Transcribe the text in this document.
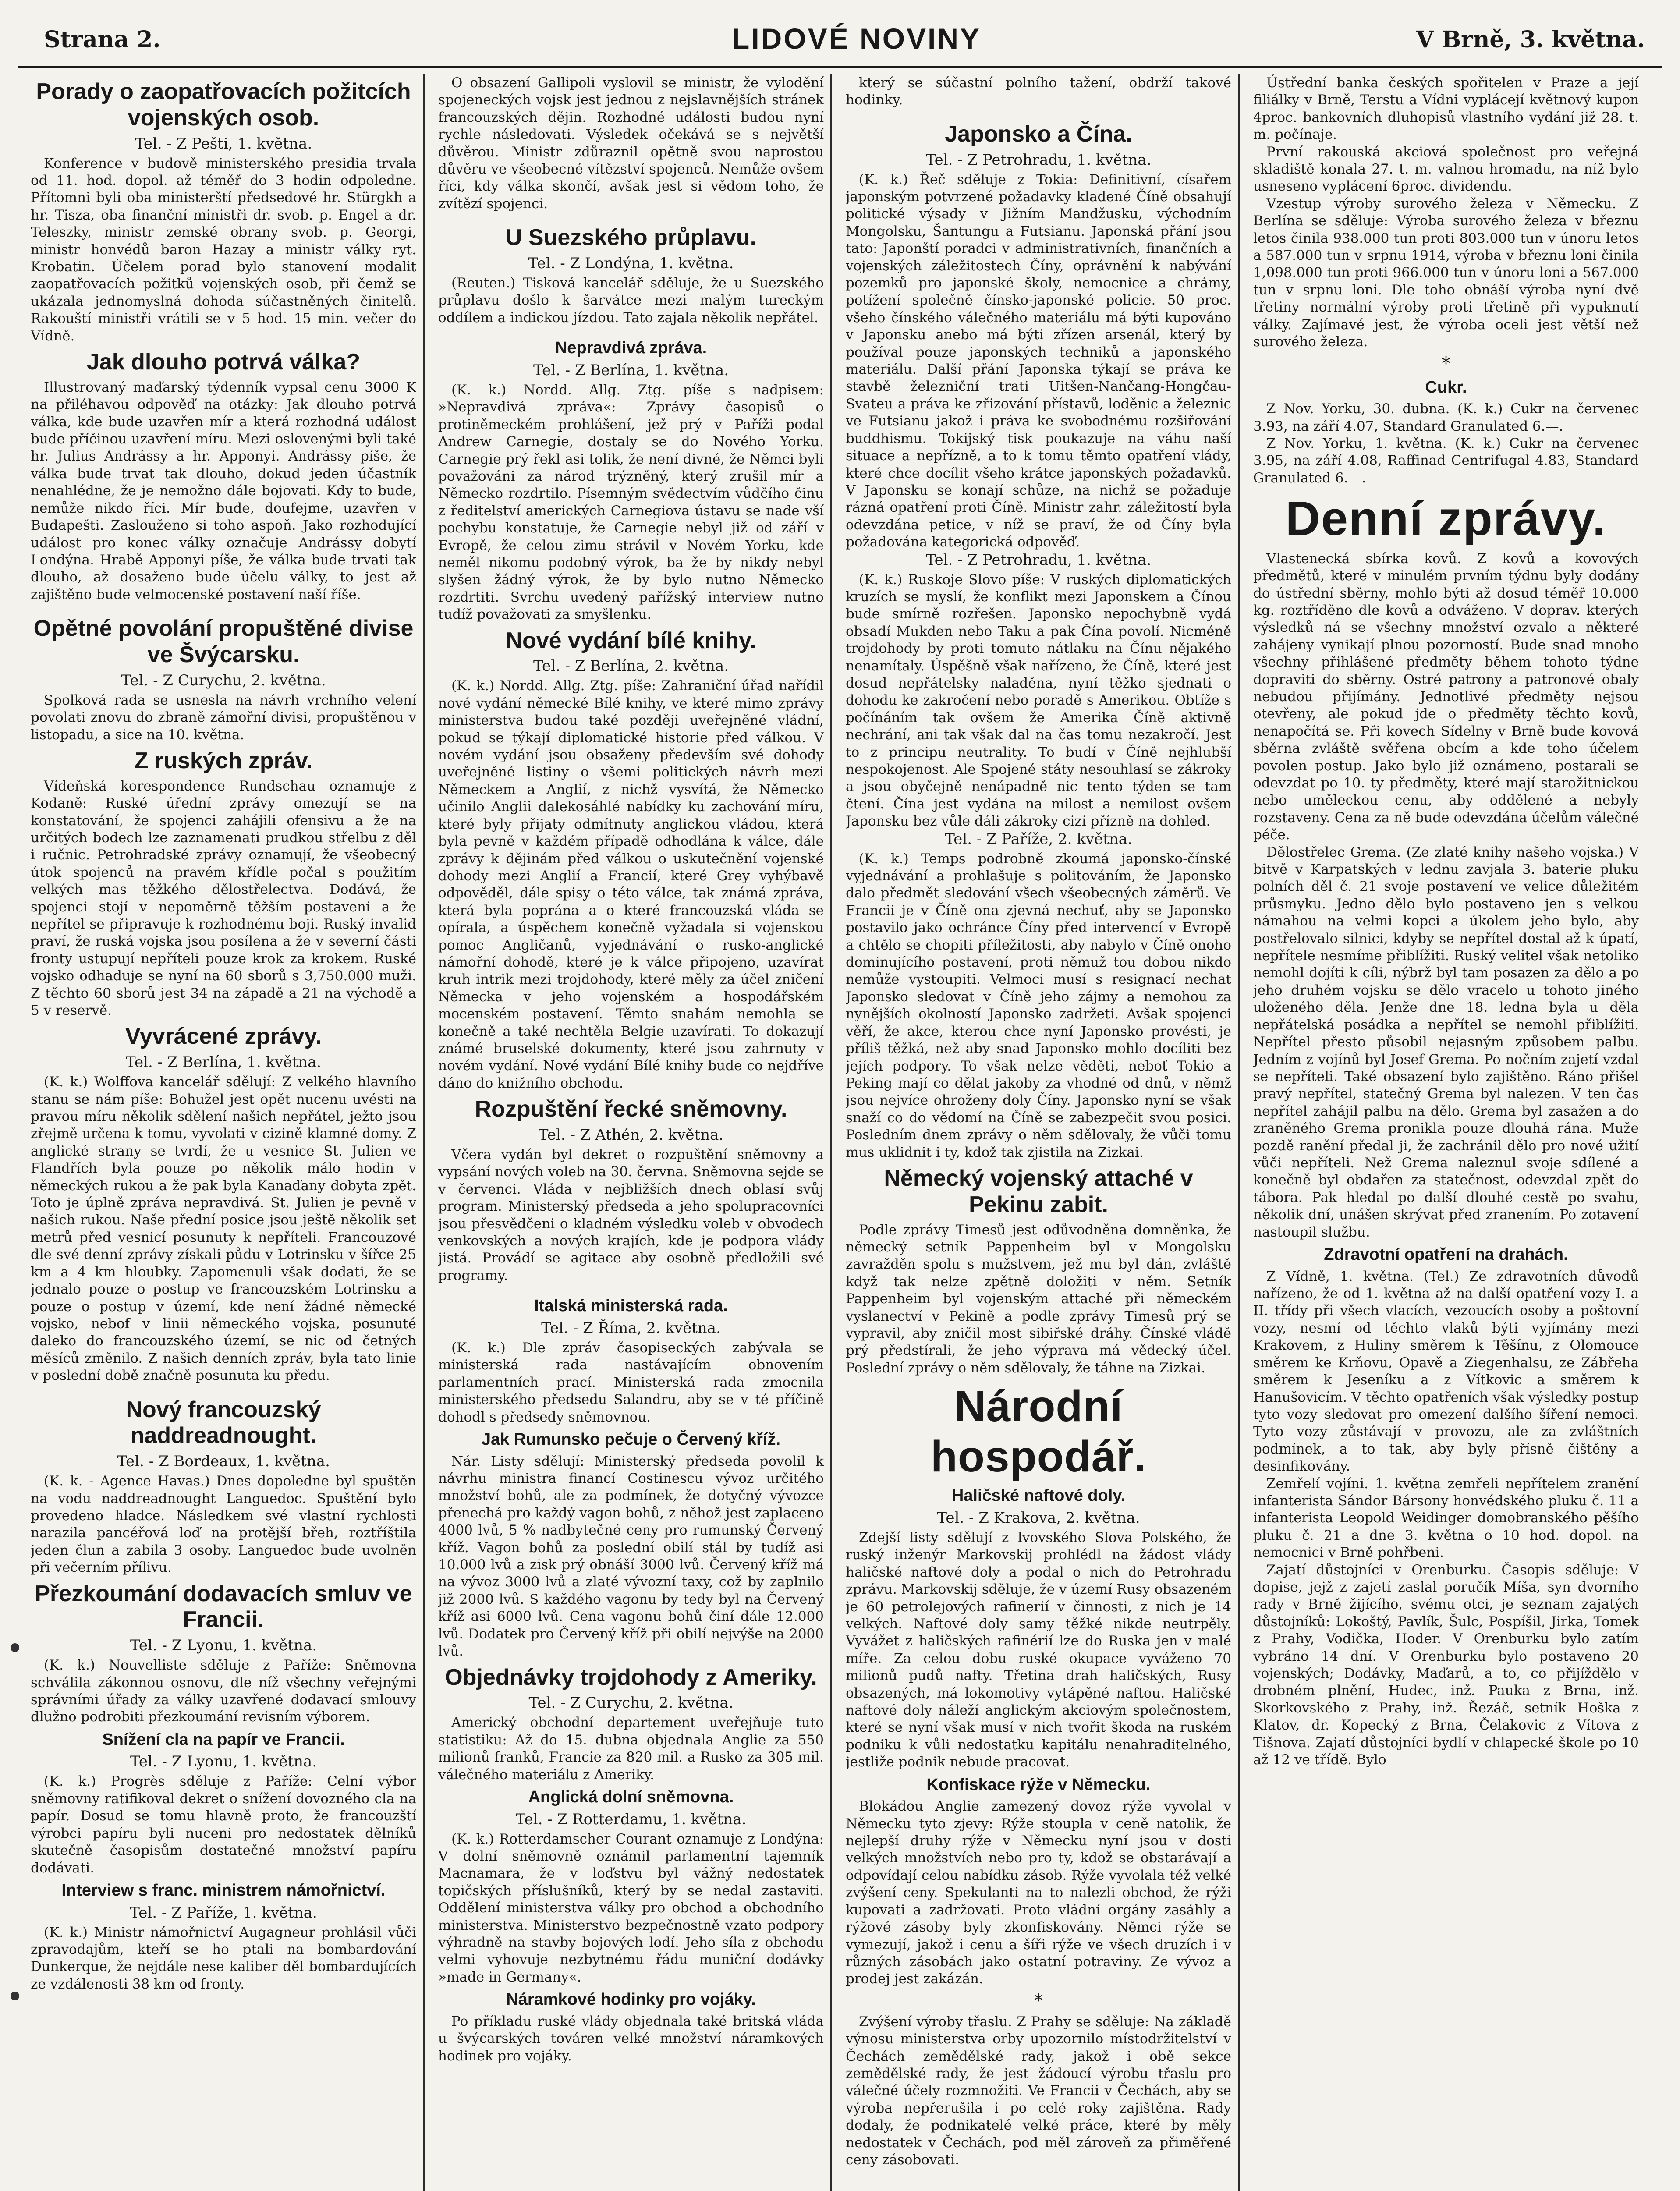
Strana 2.	LIDOVÉ NOVINY	V Brně, 3. května.
Porady o zaopatřovacích požitcích vojenských osob.
Tel. - Z Pešti, 1. května.

Konference v budově ministerského presidia trvala od 11. hod. dopol. až téměř do 3 hodin odpoledne. Přítomni byli oba ministerští předsedové hr. Stürgkh a hr. Tisza, oba finanční ministři dr. svob. p. Engel a dr. Teleszky, ministr zemské obrany svob. p. Georgi, ministr honvédů baron Hazay a ministr války ryt. Krobatin. Účelem porad bylo stanovení modalit zaopatřovacích požitků vojenských osob, při čemž se ukázala jednomyslná dohoda súčastněných činitelů. Rakouští ministři vrátili se v 5 hod. 15 min. večer do Vídně.

Jak dlouho potrvá válka?

Illustrovaný maďarský týdenník vypsal cenu 3000 K na přiléhavou odpověď na otázky: Jak dlouho potrvá válka, kde bude uzavřen mír a která rozhodná událost bude příčinou uzavření míru. Mezi oslovenými byli také hr. Julius Andrássy a hr. Apponyi. Andrássy píše, že válka bude trvat tak dlouho, dokud jeden účastník nenahlédne, že je nemožno dále bojovati. Kdy to bude, nemůže nikdo říci. Mír bude, doufejme, uzavřen v Budapešti. Zaslouženo si toho aspoň. Jako rozhodující událost pro konec války označuje Andrássy dobytí Londýna. Hrabě Apponyi píše, že válka bude trvati tak dlouho, až dosaženo bude účelu války, to jest až zajištěno bude velmocenské postavení naší říše.

Opětné povolání propuštěné divise ve Švýcarsku.
Tel. - Z Curychu, 2. května.

Spolková rada se usnesla na návrh vrchního velení povolati znovu do zbraně zámořní divisi, propuštěnou v listopadu, a sice na 10. května.

Z ruských zpráv.

Vídeňská korespondence Rundschau oznamuje z Kodaně: Ruské úřední zprávy omezují se na konstatování, že spojenci zahájili ofensivu a že na určitých bodech lze zaznamenati prudkou střelbu z děl i ručnic. Petrohradské zprávy oznamují, že všeobecný útok spojenců na pravém křídle počal s použitím velkých mas těžkého dělostřelectva. Dodává, že spojenci stojí v nepoměrně těžším postavení a že nepřítel se připravuje k rozhodnému boji. Ruský invalid praví, že ruská vojska jsou posílena a že v severní části fronty ustupují nepříteli pouze krok za krokem. Ruské vojsko odhaduje se nyní na 60 sborů s 3,750.000 muži. Z těchto 60 sborů jest 34 na západě a 21 na východě a 5 v reservě.

Vyvrácené zprávy.
Tel. - Z Berlína, 1. května.

(K. k.) Wolffova kancelář sdělují: Z velkého hlavního stanu se nám píše: Bohužel jest opět nucenu uvésti na pravou míru několik sdělení našich nepřátel, ježto jsou zřejmě určena k tomu, vyvolati v cizině klamné domy. Z anglické strany se tvrdí, že u vesnice St. Julien ve Flandřích byla pouze po několik málo hodin v německých rukou a že pak byla Kanaďany dobyta zpět. Toto je úplně zpráva nepravdivá. St. Julien je pevně v našich rukou. Naše přední posice jsou ještě několik set metrů před vesnicí posunuty k nepříteli. Francouzové dle své denní zprávy získali půdu v Lotrinsku v šířce 25 km a 4 km hloubky. Zapomenuli však dodati, že se jednalo pouze o postup ve francouzském Lotrinsku a pouze o postup v území, kde není žádné německé vojsko, nebof v linii německého vojska, posunuté daleko do francouzského území, se nic od četných měsíců změnilo. Z našich denních zpráv, byla tato linie v poslední době značně posunuta ku předu.

Nový francouzský naddreadnought.
Tel. - Z Bordeaux, 1. května.

(K. k. - Agence Havas.) Dnes dopoledne byl spuštěn na vodu naddreadnought Languedoc. Spuštění bylo provedeno hladce. Následkem své vlastní rychlosti narazila pancéřová loď na protější břeh, roztříštila jeden člun a zabila 3 osoby. Languedoc bude uvolněn při večerním přílivu.

Přezkoumání dodavacích smluv ve Francii.
Tel. - Z Lyonu, 1. května.

(K. k.) Nouvelliste sděluje z Paříže: Sněmovna schválila zákonnou osnovu, dle níž všechny veřejnými správními úřady za války uzavřené dodavací smlouvy dlužno podrobiti přezkoumání revisním výborem.

Snížení cla na papír ve Francii.
Tel. - Z Lyonu, 1. května.

(K. k.) Progrès sděluje z Paříže: Celní výbor sněmovny ratifikoval dekret o snížení dovozného cla na papír. Dosud se tomu hlavně proto, že francouzští výrobci papíru byli nuceni pro nedostatek dělníků skutečně časopisům dostatečné množství papíru dodávati.

Interview s franc. ministrem námořnictví.
Tel. - Z Paříže, 1. května.

(K. k.) Ministr námořnictví Augagneur prohlásil vůči zpravodajům, kteří se ho ptali na bombardování Dunkerque, že nejdále nese kaliber děl bombardujících ze vzdálenosti 38 km od fronty.

O obsazení Gallipoli vyslovil se ministr, že vylodění spojeneckých vojsk jest jednou z nejslavnějších stránek francouzských dějin. Rozhodné události budou nyní rychle následovati. Výsledek očekává se s největší důvěrou. Ministr zdůraznil opětně svou naprostou důvěru ve všeobecné vítězství spojenců. Nemůže ovšem říci, kdy válka skončí, avšak jest si vědom toho, že zvítězí spojenci.

U Suezského průplavu.
Tel. - Z Londýna, 1. května.

(Reuten.) Tisková kancelář sděluje, že u Suezského průplavu došlo k šarvátce mezi malým tureckým oddílem a indickou jízdou. Tato zajala několik nepřátel.

Nepravdivá zpráva.
Tel. - Z Berlína, 1. května.

(K. k.) Nordd. Allg. Ztg. píše s nadpisem: »Nepravdivá zpráva«: Zprávy časopisů o protiněmeckém prohlášení, jež prý v Paříži podal Andrew Carnegie, dostaly se do Nového Yorku. Carnegie prý řekl asi tolik, že není divné, že Němci byli považováni za národ trýzněný, který zrušil mír a Německo rozdrtilo. Písemným svědectvím vůdčího činu z ředitelství amerických Carnegiova ústavu se nade vší pochybu konstatuje, že Carnegie nebyl již od září v Evropě, že celou zimu strávil v Novém Yorku, kde neměl nikomu podobný výrok, ba že by nikdy nebyl slyšen žádný výrok, že by bylo nutno Německo rozdrtiti. Svrchu uvedený pařížský interview nutno tudíž považovati za smyšlenku.

Nové vydání bílé knihy.
Tel. - Z Berlína, 2. května.

(K. k.) Nordd. Allg. Ztg. píše: Zahraniční úřad nařídil nové vydání německé Bílé knihy, ve které mimo zprávy ministerstva budou také později uveřejněné vládní, pokud se týkají diplomatické historie před válkou. V novém vydání jsou obsaženy především své dohody uveřejněné listiny o všemi politických návrh mezi Německem a Anglií, z nichž vysvítá, že Německo učinilo Anglii dalekosáhlé nabídky ku zachování míru, které byly přijaty odmítnuty anglickou vládou, která byla pevně v každém případě odhodlána k válce, dále zprávy k dějinám před válkou o uskutečnění vojenské dohody mezi Anglií a Francií, které Grey vyhýbavě odpověděl, dále spisy o této válce, tak známá zpráva, která byla poprána a o které francouzská vláda se opírala, a úspěchem konečně vyžadala si vojenskou pomoc Angličanů, vyjednávání o rusko-anglické námořní dohodě, které je k válce připojeno, uzavírat kruh intrik mezi trojdohody, které měly za účel zničení Německa v jeho vojenském a hospodářském mocenském postavení. Těmto snahám nemohla se konečně a také nechtěla Belgie uzavírati. To dokazují známé bruselské dokumenty, které jsou zahrnuty v novém vydání. Nové vydání Bílé knihy bude co nejdříve dáno do knižního obchodu.

Rozpuštění řecké sněmovny.
Tel. - Z Athén, 2. května.

Včera vydán byl dekret o rozpuštění sněmovny a vypsání nových voleb na 30. června. Sněmovna sejde se v červenci. Vláda v nejbližších dnech oblasí svůj program. Ministerský předseda a jeho spolupracovníci jsou přesvědčeni o kladném výsledku voleb v obvodech venkovských a nových krajích, kde je podpora vlády jistá. Provádí se agitace aby osobně předložili své programy.

Italská ministerská rada.
Tel. - Z Říma, 2. května.

(K. k.) Dle zpráv časopiseckých zabývala se ministerská rada nastávajícím obnovením parlamentních prací. Ministerská rada zmocnila ministerského předsedu Salandru, aby se v té příčině dohodl s předsedy sněmovnou.

Jak Rumunsko pečuje o Červený kříž.

Nár. Listy sdělují: Ministerský předseda povolil k návrhu ministra financí Costinescu vývoz určitého množství bohů, ale za podmínek, že dotyčný vývozce přenechá pro každý vagon bohů, z něhož jest zaplaceno 4000 lvů, 5 % nadbytečné ceny pro rumunský Červený kříž. Vagon bohů za poslední obilí stál by tudíž asi 10.000 lvů a zisk prý obnáší 3000 lvů. Červený kříž má na vývoz 3000 lvů a zlaté vývozní taxy, což by zaplnilo již 2000 lvů. S každého vagonu by tedy byl na Červený kříž asi 6000 lvů. Cena vagonu bohů činí dále 12.000 lvů. Dodatek pro Červený kříž při obilí nejvýše na 2000 lvů.

Objednávky trojdohody z Ameriky.
Tel. - Z Curychu, 2. května.

Americký obchodní departement uveřejňuje tuto statistiku: Až do 15. dubna objednala Anglie za 550 milionů franků, Francie za 820 mil. a Rusko za 305 mil. válečného materiálu z Ameriky.

Anglická dolní sněmovna.
Tel. - Z Rotterdamu, 1. května.

(K. k.) Rotterdamscher Courant oznamuje z Londýna: V dolní sněmovně oznámil parlamentní tajemník Macnamara, že v loďstvu byl vážný nedostatek topičských příslušníků, který by se nedal zastaviti. Oddělení ministerstva války pro obchod a obchodního ministerstva. Ministerstvo bezpečnostně vzato podpory výhradně na stavby bojových lodí. Jeho síla z obchodu velmi vyhovuje nezbytnému řádu muniční dodávky »made in Germany«.

Náramkové hodinky pro vojáky.

Po příkladu ruské vlády objednala také britská vláda u švýcarských továren velké množství náramkových hodinek pro vojáky.

který se súčastní polního tažení, obdrží takové hodinky.

Japonsko a Čína.
Tel. - Z Petrohradu, 1. května.

(K. k.) Řeč sděluje z Tokia: Definitivní, císařem japonským potvrzené požadavky kladené Číně obsahují politické výsady v Jižním Mandžusku, východním Mongolsku, Šantungu a Futsianu. Japonská přání jsou tato: Japonští poradci v administrativních, finančních a vojenských záležitostech Číny, oprávnění k nabývání pozemků pro japonské školy, nemocnice a chrámy, potížení společně čínsko-japonské policie. 50 proc. všeho čínského válečného materiálu má býti kupováno v Japonsku anebo má býti zřízen arsenál, který by používal pouze japonských techniků a japonského materiálu. Další přání Japonska týkají se práva ke stavbě železniční trati Uitšen-Nančang-Hongčau-Svateu a práva ke zřizování přístavů, loděnic a železnic ve Futsianu jakož i práva ke svobodnému rozšiřování buddhismu. Tokijský tisk poukazuje na váhu naší situace a nepřízně, a to k tomu těmto opatření vlády, které chce docílit všeho krátce japonských požadavků. V Japonsku se konají schůze, na nichž se požaduje rázná opatření proti Číně. Ministr zahr. záležitostí byla odevzdána petice, v níž se praví, že od Číny byla požadována kategorická odpověď.

Tel. - Z Petrohradu, 1. května.

(K. k.) Ruskoje Slovo píše: V ruských diplomatických kruzích se myslí, že konflikt mezi Japonskem a Čínou bude smírně rozřešen. Japonsko nepochybně vydá obsadí Mukden nebo Taku a pak Čína povolí. Nicméně trojdohody by proti tomuto nátlaku na Čínu nějakého nenamítaly. Úspěšně však nařízeno, že Číně, které jest dosud nepřátelsky naladěna, nyní těžko sjednati o dohodu ke zakročení nebo poradě s Amerikou. Obtíže s počínáním tak ovšem že Amerika Číně aktivně nechrání, ani tak však dal na čas tomu nezakročí. Jest to z principu neutrality. To budí v Číně nejhlubší nespokojenost. Ale Spojené státy nesouhlasí se zákroky a jsou obyčejně nenápadně nic tento týden se tam čtení. Čína jest vydána na milost a nemilost ovšem Japonsku bez vůle dáli zákroky cizí přízně na dohled.

Tel. - Z Paříže, 2. května.

(K. k.) Temps podrobně zkoumá japonsko-čínské vyjednávání a prohlašuje s politováním, že Japonsko dalo předmět sledování všech všeobecných záměrů. Ve Francii je v Číně ona zjevná nechuť, aby se Japonsko postavilo jako ochránce Číny před intervencí v Evropě a chtělo se chopiti příležitosti, aby nabylo v Číně onoho dominujícího postavení, proti němuž tou dobou nikdo nemůže vystoupiti. Velmoci musí s resignací nechat Japonsko sledovat v Číně jeho zájmy a nemohou za nynějších okolností Japonsko zadržeti. Avšak spojenci věří, že akce, kterou chce nyní Japonsko provésti, je příliš těžká, než aby snad Japonsko mohlo docíliti bez jejích podpory. To však nelze věděti, neboť Tokio a Peking mají co dělat jakoby za vhodné od dnů, v němž jsou nejvíce ohroženy doly Číny. Japonsko nyní se však snaží co do vědomí na Číně se zabezpečit svou posici. Posledním dnem zprávy o něm sdělovaly, že vůči tomu mus uklidnit i ty, kdož tak zjistila na Zizkai.

Německý vojenský attaché v Pekinu zabit.

Podle zprávy Timesů jest odůvodněna domněnka, že německý setník Pappenheim byl v Mongolsku zavražděn spolu s mužstvem, jež mu byl dán, zvláště když tak nelze zpětně doložiti v něm. Setník Pappenheim byl vojenským attaché při německém vyslanectví v Pekině a podle zprávy Timesů prý se vypravil, aby zničil most sibiřské dráhy. Čínské vládě prý předstírali, že jeho výprava má vědecký účel. Poslední zprávy o něm sdělovaly, že táhne na Zizkai.

Národní hospodář.
Haličské naftové doly.
Tel. - Z Krakova, 2. května.

Zdejší listy sdělují z lvovského Slova Polského, že ruský inženýr Markovskij prohlédl na žádost vlády haličské naftové doly a podal o nich do Petrohradu zprávu. Markovskij sděluje, že v území Rusy obsazeném je 60 petrolejových rafinerií v činnosti, z nich je 14 velkých. Naftové doly samy těžké nikde neutrpěly. Vyvážet z haličských rafinérií lze do Ruska jen v malé míře. Za celou dobu ruské okupace vyváženo 70 milionů pudů nafty. Třetina drah haličských, Rusy obsazených, má lokomotivy vytápěné naftou. Haličské naftové doly náleží anglickým akciovým společnostem, které se nyní však musí v nich tvořit škoda na ruském podniku k vůli nedostatku kapitálu nenahraditelného, jestliže podnik nebude pracovat.

Konfiskace rýže v Německu.

Blokádou Anglie zamezený dovoz rýže vyvolal v Německu tyto zjevy: Rýže stoupla v ceně natolik, že nejlepší druhy rýže v Německu nyní jsou v dosti velkých množstvích nebo pro ty, kdož se obstarávají a odpovídají celou nabídku zásob. Rýže vyvolala též velké zvýšení ceny. Spekulanti na to nalezli obchod, že rýži kupovati a zadržovati. Proto vládní orgány zasáhly a rýžové zásoby byly zkonfiskovány. Němci rýže se vymezují, jakož i cenu a šíři rýže ve všech druzích i v různých zásobách jako ostatní potraviny. Ze vývoz a prodej jest zakázán.

*

Zvýšení výroby třaslu. Z Prahy se sděluje: Na základě výnosu ministerstva orby upozornilo místodržitelství v Čechách zemědělské rady, jakož i obě sekce zemědělské rady, že jest žádoucí výrobu třaslu pro válečné účely rozmnožiti. Ve Francii v Čechách, aby se výroba nepřerušila i po celé roky zajištěna. Rady dodaly, že podnikatelé velké práce, které by měly nedostatek v Čechách, pod měl zároveň za přiměřené ceny zásobovati.

Ústřední banka českých spořitelen v Praze a její filiálky v Brně, Terstu a Vídni vyplácejí květnový kupon 4proc. bankovních dluhopisů vlastního vydání již 28. t. m. počínaje.

První rakouská akciová společnost pro veřejná skladiště konala 27. t. m. valnou hromadu, na níž bylo usneseno vyplácení 6proc. dividendu.

Vzestup výroby surového železa v Německu. Z Berlína se sděluje: Výroba surového železa v březnu letos činila 938.000 tun proti 803.000 tun v únoru letos a 587.000 tun v srpnu 1914, výroba v březnu loni činila 1,098.000 tun proti 966.000 tun v únoru loni a 567.000 tun v srpnu loni. Dle toho obnáší výroba nyní dvě třetiny normální výroby proti třetině při vypuknutí války. Zajímavé jest, že výroba oceli jest větší než surového železa.

*
Cukr.

Z Nov. Yorku, 30. dubna. (K. k.) Cukr na červenec 3.93, na září 4.07, Standard Granulated 6.—.

Z Nov. Yorku, 1. května. (K. k.) Cukr na červenec 3.95, na září 4.08, Raffinad Centrifugal 4.83, Standard Granulated 6.—.

Denní zprávy.

Vlastenecká sbírka kovů. Z kovů a kovových předmětů, které v minulém prvním týdnu byly dodány do ústřední sběrny, mohlo býti až dosud téměř 10.000 kg. roztříděno dle kovů a odváženo. V doprav. kterých výsledků ná se všechny množství ozvalo a některé zahájeny vynikají plnou pozorností. Bude snad mnoho všechny přihlášené předměty během tohoto týdne dopraviti do sběrny. Ostré patrony a patronové obaly nebudou přijímány. Jednotlivé předměty nejsou otevřeny, ale pokud jde o předměty těchto kovů, nenapočítá se. Při kovech Sídelny v Brně bude kovová sběrna zvláště svěřena obcím a kde toho účelem povolen postup. Jako bylo již oznámeno, postarali se odevzdat po 10. ty předměty, které mají starožitnickou nebo uměleckou cenu, aby oddělené a nebyly rozstaveny. Cena za ně bude odevzdána účelům válečné péče.

Dělostřelec Grema. (Ze zlaté knihy našeho vojska.) V bitvě v Karpatských v lednu zavjala 3. baterie pluku polních děl č. 21 svoje postavení ve velice důležitém průsmyku. Jedno dělo bylo postaveno jen s velkou námahou na velmi kopci a úkolem jeho bylo, aby postřelovalo silnici, kdyby se nepřítel dostal až k úpatí, nepřítele nesmíme přiblížiti. Ruský velitel však netoliko nemohl dojíti k cíli, nýbrž byl tam posazen za dělo a po jeho druhém vojsku se dělo vracelo u tohoto jiného uloženého děla. Jenže dne 18. ledna byla u děla nepřátelská posádka a nepřítel se nemohl přiblížiti. Nepřítel přesto působil nejasným způsobem palbu. Jedním z vojínů byl Josef Grema. Po nočním zajetí vzdal se nepříteli. Také obsazení bylo zajištěno. Ráno přišel pravý nepřítel, statečný Grema byl nalezen. V ten čas nepřítel zahájil palbu na dělo. Grema byl zasažen a do zraněného Grema pronikla pouze dlouhá rána. Muže pozdě ranění předal ji, že zachránil dělo pro nové užití vůči nepříteli. Než Grema naleznul svoje sdílené a konečně byl obdařen za statečnost, odevzdal zpět do tábora. Pak hledal po další dlouhé cestě po svahu, několik dní, unášen skrývat před zranením. Po zotavení nastoupil službu.

Zdravotní opatření na drahách.

Z Vídně, 1. května. (Tel.) Ze zdravotních důvodů nařízeno, že od 1. května až na další opatření vozy I. a II. třídy při všech vlacích, vezoucích osoby a poštovní vozy, nesmí od těchto vlaků býti vyjímány mezi Krakovem, z Huliny směrem k Těšínu, z Olomouce směrem ke Krňovu, Opavě a Ziegenhalsu, ze Zábřeha směrem k Jeseníku a z Vítkovic a směrem k Hanušovicím. V těchto opatřeních však výsledky postup tyto vozy sledovat pro omezení dalšího šíření nemoci. Tyto vozy zůstávají v provozu, ale za zvláštních podmínek, a to tak, aby byly přísně čištěny a desinfikovány.

Zemřelí vojíni. 1. května zemřeli nepřítelem zranění infanterista Sándor Bársony honvédského pluku č. 11 a infanterista Leopold Weidinger domobranského pěšího pluku č. 21 a dne 3. května o 10 hod. dopol. na nemocnici v Brně pohřbeni.

Zajatí důstojníci v Orenburku. Časopis sděluje: V dopise, jejž z zajetí zaslal poručík Míša, syn dvorního rady v Brně žijícího, svému otci, je seznam zajatých důstojníků: Lokoštý, Pavlík, Šulc, Pospíšil, Jirka, Tomek z Prahy, Vodička, Hoder. V Orenburku bylo zatím vybráno 14 dní. V Orenburku bylo postaveno 20 vojenských; Dodávky, Maďarů, a to, co přijíždělo v drobném plnění, Hudec, inž. Pauka z Brna, inž. Skorkovského z Prahy, inž. Řezáč, setník Hoška z Klatov, dr. Kopecký z Brna, Čelakovic z Vítova z Tišnova. Zajatí důstojníci bydlí v chlapecké škole po 10 až 12 ve třídě. Bylo
